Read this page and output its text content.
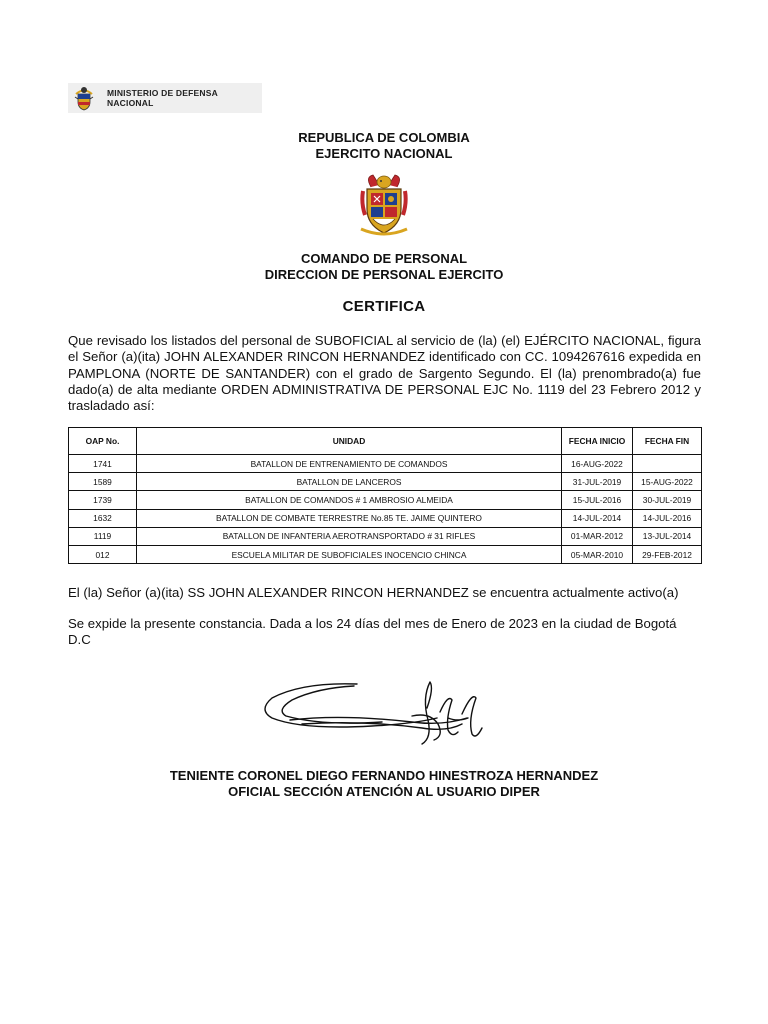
MINISTERIO DE DEFENSA
NACIONAL
REPUBLICA DE COLOMBIA
EJERCITO NACIONAL
COMANDO DE PERSONAL
DIRECCION DE PERSONAL EJERCITO
CERTIFICA
Que revisado los listados del personal de SUBOFICIAL al servicio de (la) (el) EJÉRCITO NACIONAL, figura el Señor (a)(ita) JOHN ALEXANDER RINCON HERNANDEZ identificado con CC. 1094267616 expedida en PAMPLONA (NORTE DE SANTANDER) con el grado de Sargento Segundo. El (la) prenombrado(a) fue dado(a) de alta mediante ORDEN ADMINISTRATIVA DE PERSONAL EJC No. 1119 del 23 Febrero 2012 y trasladado así:
OAP No.	UNIDAD	FECHA INICIO	FECHA FIN
1741	BATALLON DE ENTRENAMIENTO DE COMANDOS	16-AUG-2022	
1589	BATALLON DE LANCEROS	31-JUL-2019	15-AUG-2022
1739	BATALLON DE COMANDOS # 1 AMBROSIO ALMEIDA	15-JUL-2016	30-JUL-2019
1632	BATALLON DE COMBATE TERRESTRE No.85 TE. JAIME QUINTERO	14-JUL-2014	14-JUL-2016
1119	BATALLON DE INFANTERIA AEROTRANSPORTADO # 31 RIFLES	01-MAR-2012	13-JUL-2014
012	ESCUELA MILITAR DE SUBOFICIALES INOCENCIO CHINCA	05-MAR-2010	29-FEB-2012
El (la) Señor (a)(ita) SS JOHN ALEXANDER RINCON HERNANDEZ se encuentra actualmente activo(a)
Se expide la presente constancia. Dada a los 24 días del mes de Enero de 2023 en la ciudad de Bogotá D.C
TENIENTE CORONEL DIEGO FERNANDO HINESTROZA HERNANDEZ
OFICIAL SECCIÓN ATENCIÓN AL USUARIO DIPER
